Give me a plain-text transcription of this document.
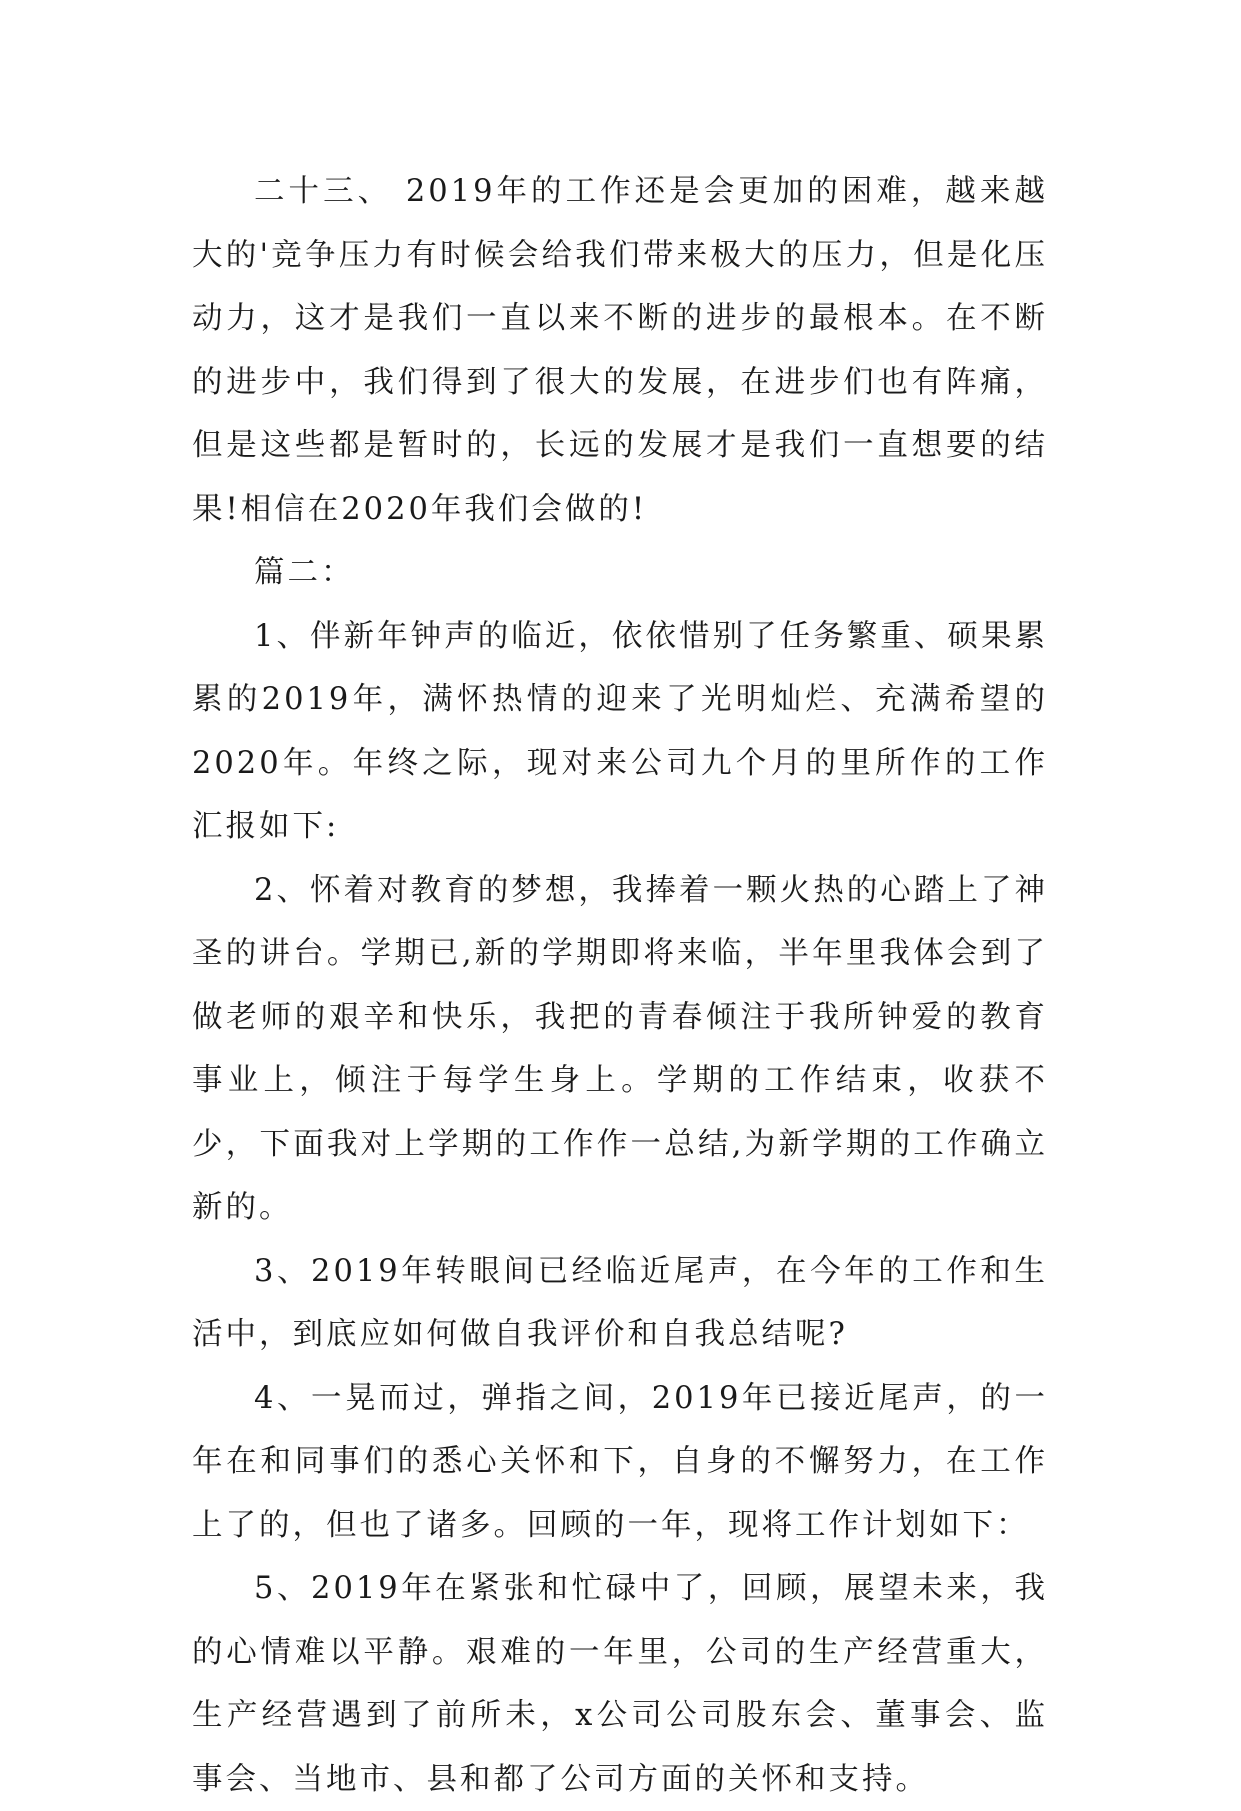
二十三、 2019年的工作还是会更加的困难，越来越大的'竞争压力有时候会给我们带来极大的压力，但是化压动力，这才是我们一直以来不断的进步的最根本。在不断的进步中，我们得到了很大的发展，在进步们也有阵痛，但是这些都是暂时的，长远的发展才是我们一直想要的结果!相信在2020年我们会做的!

篇二：

1、伴新年钟声的临近，依依惜别了任务繁重、硕果累累的2019年，满怀热情的迎来了光明灿烂、充满希望的2020年。年终之际，现对来公司九个月的里所作的工作汇报如下:

2、怀着对教育的梦想，我捧着一颗火热的心踏上了神圣的讲台。学期已,新的学期即将来临，半年里我体会到了做老师的艰辛和快乐，我把的青春倾注于我所钟爱的教育事业上，倾注于每学生身上。学期的工作结束，收获不少，下面我对上学期的工作作一总结,为新学期的工作确立新的。

3、2019年转眼间已经临近尾声，在今年的工作和生活中，到底应如何做自我评价和自我总结呢?

4、一晃而过，弹指之间，2019年已接近尾声，的一年在和同事们的悉心关怀和下，自身的不懈努力，在工作上了的，但也了诸多。回顾的一年，现将工作计划如下：

5、2019年在紧张和忙碌中了，回顾，展望未来，我的心情难以平静。艰难的一年里，公司的生产经营重大，生产经营遇到了前所未，x公司公司股东会、董事会、监事会、当地市、县和都了公司方面的关怀和支持。
